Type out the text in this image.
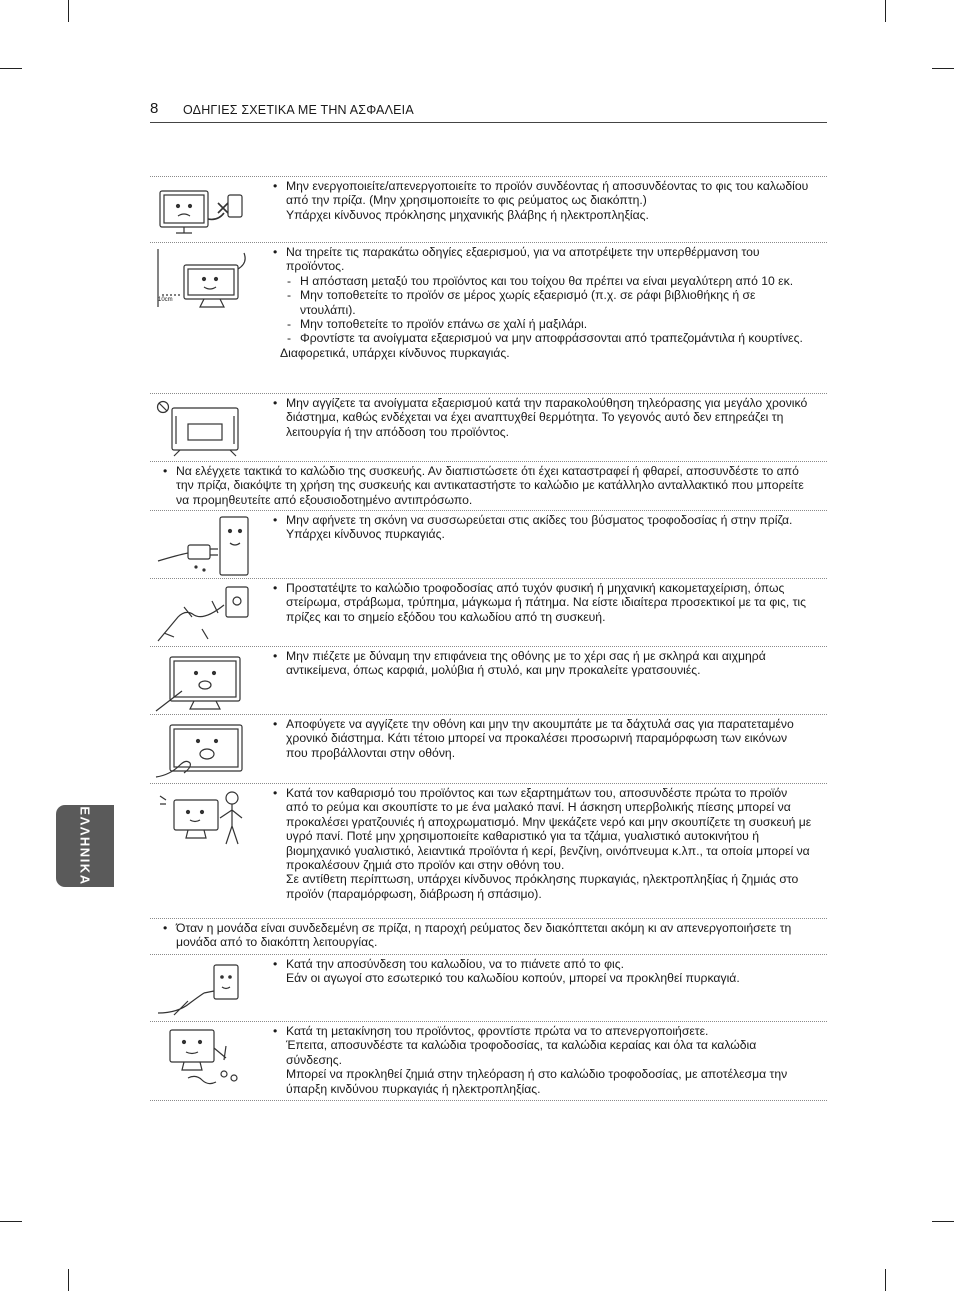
8 ΟΔΗΓΙΕΣ ΣΧΕΤΙΚΑ ΜΕ ΤΗΝ ΑΣΦΑΛΕΙΑ
ΕΛΛΗΝΙΚΑ
• Μην ενεργοποιείτε/απενεργοποιείτε το προϊόν συνδέοντας ή αποσυνδέοντας το φις του καλωδίου από την πρίζα. (Μην χρησιμοποιείτε το φις ρεύματος ως διακόπτη.)
Υπάρχει κίνδυνος πρόκλησης μηχανικής βλάβης ή ηλεκτροπληξίας.
10cm
• Να τηρείτε τις παρακάτω οδηγίες εξαερισμού, για να αποτρέψετε την υπερθέρμανση του προϊόντος.
- Η απόσταση μεταξύ του προϊόντος και του τοίχου θα πρέπει να είναι μεγαλύτερη από 10 εκ.
- Μην τοποθετείτε το προϊόν σε μέρος χωρίς εξαερισμό (π.χ. σε ράφι βιβλιοθήκης ή σε ντουλάπι).
- Μην τοποθετείτε το προϊόν επάνω σε χαλί ή μαξιλάρι.
- Φροντίστε τα ανοίγματα εξαερισμού να μην αποφράσσονται από τραπεζομάντιλα ή κουρτίνες.
Διαφορετικά, υπάρχει κίνδυνος πυρκαγιάς.
• Μην αγγίζετε τα ανοίγματα εξαερισμού κατά την παρακολούθηση τηλεόρασης για μεγάλο χρονικό διάστημα, καθώς ενδέχεται να έχει αναπτυχθεί θερμότητα. Το γεγονός αυτό δεν επηρεάζει τη λειτουργία ή την απόδοση του προϊόντος.
• Να ελέγχετε τακτικά το καλώδιο της συσκευής. Αν διαπιστώσετε ότι έχει καταστραφεί ή φθαρεί, αποσυνδέστε το από την πρίζα, διακόψτε τη χρήση της συσκευής και αντικαταστήστε το καλώδιο με κατάλληλο ανταλλακτικό που μπορείτε να προμηθευτείτε από εξουσιοδοτημένο αντιπρόσωπο.
• Μην αφήνετε τη σκόνη να συσσωρεύεται στις ακίδες του βύσματος τροφοδοσίας ή στην πρίζα.
Υπάρχει κίνδυνος πυρκαγιάς.
• Προστατέψτε το καλώδιο τροφοδοσίας από τυχόν φυσική ή μηχανική κακομεταχείριση, όπως στείρωμα, στράβωμα, τρύπημα, μάγκωμα ή πάτημα. Να είστε ιδιαίτερα προσεκτικοί με τα φις, τις πρίζες και το σημείο εξόδου του καλωδίου από τη συσκευή.
• Μην πιέζετε με δύναμη την επιφάνεια της οθόνης με το χέρι σας ή με σκληρά και αιχμηρά αντικείμενα, όπως καρφιά, μολύβια ή στυλό, και μην προκαλείτε γρατσουνιές.
• Αποφύγετε να αγγίζετε την οθόνη και μην την ακουμπάτε με τα δάχτυλά σας για παρατεταμένο χρονικό διάστημα. Κάτι τέτοιο μπορεί να προκαλέσει προσωρινή παραμόρφωση των εικόνων που προβάλλονται στην οθόνη.
• Κατά τον καθαρισμό του προϊόντος και των εξαρτημάτων του, αποσυνδέστε πρώτα το προϊόν από το ρεύμα και σκουπίστε το με ένα μαλακό πανί. Η άσκηση υπερβολικής πίεσης μπορεί να προκαλέσει γρατζουνιές ή αποχρωματισμό. Μην ψεκάζετε νερό και μην σκουπίζετε τη συσκευή με υγρό πανί. Ποτέ μην χρησιμοποιείτε καθαριστικό για τα τζάμια, γυαλιστικό αυτοκινήτου ή βιομηχανικό γυαλιστικό, λειαντικά προϊόντα ή κερί, βενζίνη, οινόπνευμα κ.λπ., τα οποία μπορεί να προκαλέσουν ζημιά στο προϊόν και στην οθόνη του.
Σε αντίθετη περίπτωση, υπάρχει κίνδυνος πρόκλησης πυρκαγιάς, ηλεκτροπληξίας ή ζημιάς στο προϊόν (παραμόρφωση, διάβρωση ή σπάσιμο).
• Όταν η μονάδα είναι συνδεδεμένη σε πρίζα, η παροχή ρεύματος δεν διακόπτεται ακόμη κι αν απενεργοποιήσετε τη μονάδα από το διακόπτη λειτουργίας.
• Κατά την αποσύνδεση του καλωδίου, να το πιάνετε από το φις.
Εάν οι αγωγοί στο εσωτερικό του καλωδίου κοπούν, μπορεί να προκληθεί πυρκαγιά.
• Κατά τη μετακίνηση του προϊόντος, φροντίστε πρώτα να το απενεργοποιήσετε.
Έπειτα, αποσυνδέστε τα καλώδια τροφοδοσίας, τα καλώδια κεραίας και όλα τα καλώδια σύνδεσης.
Μπορεί να προκληθεί ζημιά στην τηλεόραση ή στο καλώδιο τροφοδοσίας, με αποτέλεσμα την ύπαρξη κινδύνου πυρκαγιάς ή ηλεκτροπληξίας.
